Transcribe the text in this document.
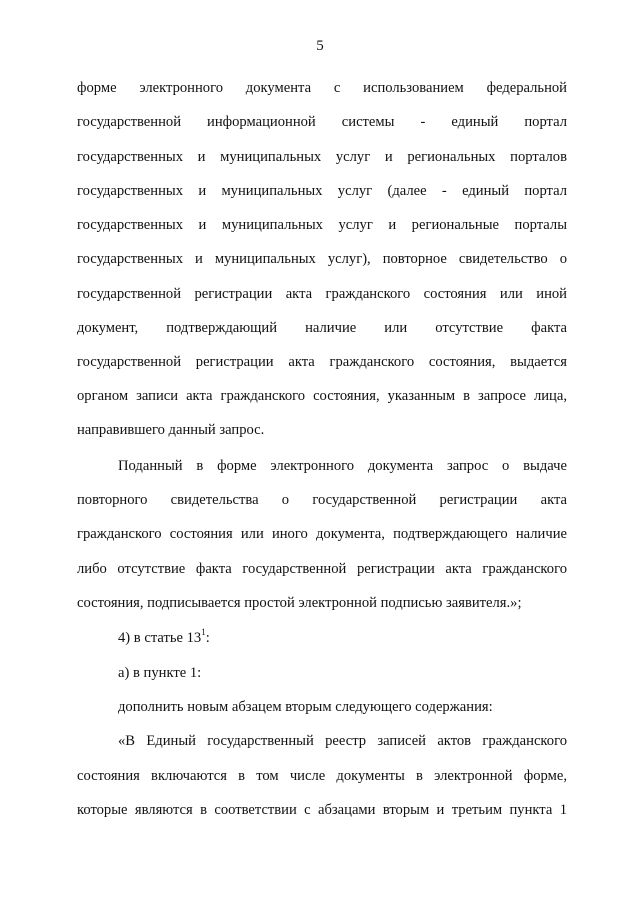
5
форме электронного документа с использованием федеральной
государственной информационной системы - единый портал
государственных и муниципальных услуг и региональных порталов
государственных и муниципальных услуг (далее - единый портал
государственных и муниципальных услуг и региональные порталы
государственных и муниципальных услуг), повторное свидетельство о
государственной регистрации акта гражданского состояния или иной
документ, подтверждающий наличие или отсутствие факта
государственной регистрации акта гражданского состояния, выдается
органом записи акта гражданского состояния, указанным в запросе лица,
направившего данный запрос.
Поданный в форме электронного документа запрос о выдаче
повторного свидетельства о государственной регистрации акта
гражданского состояния или иного документа, подтверждающего наличие
либо отсутствие факта государственной регистрации акта гражданского
состояния, подписывается простой электронной подписью заявителя.»;
4) в статье $13^1$:
а) в пункте 1:
дополнить новым абзацем вторым следующего содержания:
«В Единый государственный реестр записей актов гражданского
состояния включаются в том числе документы в электронной форме,
которые являются в соответствии с абзацами вторым и третьим пункта 1
